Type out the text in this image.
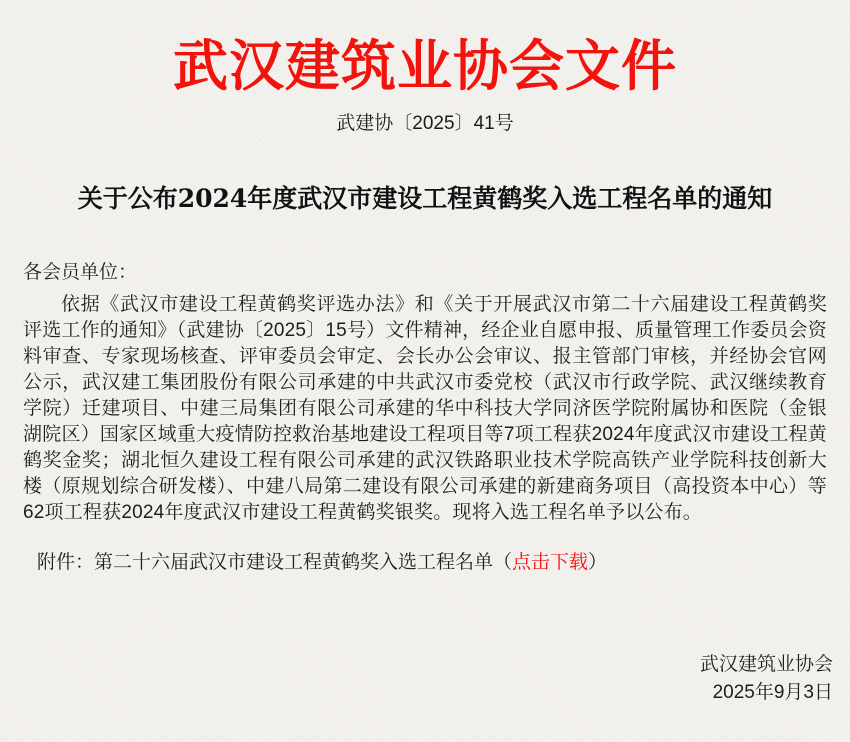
武汉建筑业协会文件
武建协〔2025〕41号
关于公布2024年度武汉市建设工程黄鹤奖入选工程名单的通知

各会员单位：

依据《武汉市建设工程黄鹤奖评选办法》和《关于开展武汉市第二十六届建设工程黄鹤奖评选工作的通知》（武建协〔2025〕15号）文件精神，经企业自愿申报、质量管理工作委员会资料审查、专家现场核查、评审委员会审定、会长办公会审议、报主管部门审核，并经协会官网公示，武汉建工集团股份有限公司承建的中共武汉市委党校（武汉市行政学院、武汉继续教育学院）迁建项目、中建三局集团有限公司承建的华中科技大学同济医学院附属协和医院（金银湖院区）国家区域重大疫情防控救治基地建设工程项目等7项工程获2024年度武汉市建设工程黄鹤奖金奖；湖北恒久建设工程有限公司承建的武汉铁路职业技术学院高铁产业学院科技创新大楼（原规划综合研发楼）、中建八局第二建设有限公司承建的新建商务项目（高投资本中心）等62项工程获2024年度武汉市建设工程黄鹤奖银奖。现将入选工程名单予以公布。

附件：第二十六届武汉市建设工程黄鹤奖入选工程名单（点击下载）

武汉建筑业协会
2025年9月3日
